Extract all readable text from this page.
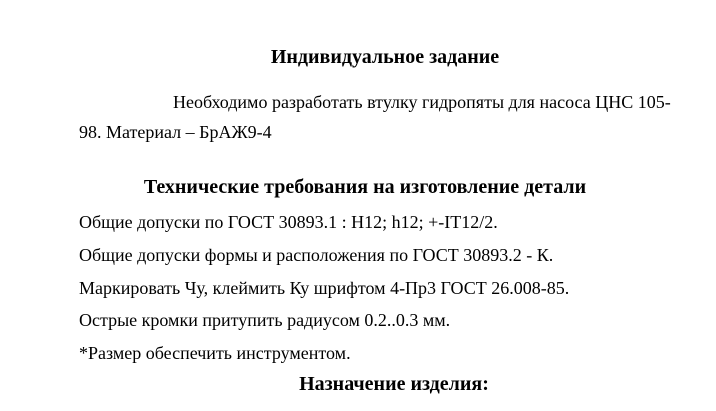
Индивидуальное задание
Необходимо разработать втулку гидропяты для насоса ЦНС 105-
98. Материал – БрАЖ9-4
Технические требования на изготовление детали
Общие допуски по ГОСТ 30893.1 : H12; h12; +-IT12/2.
Общие допуски формы и расположения по ГОСТ 30893.2 - К.
Маркировать Чу, клеймить Ку шрифтом 4-Пр3 ГОСТ 26.008-85.
Острые кромки притупить радиусом 0.2..0.3 мм.
*Размер обеспечить инструментом.
Назначение изделия:
